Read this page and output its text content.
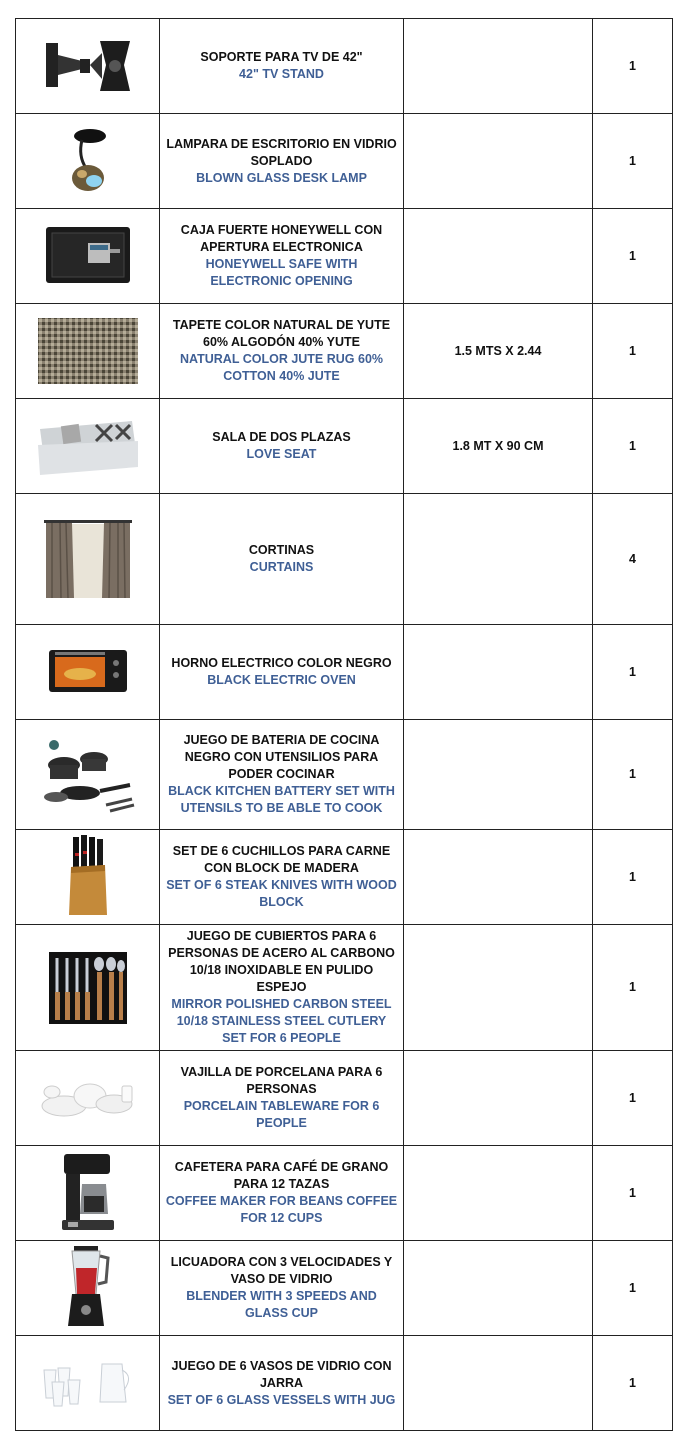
SOPORTE PARA TV DE 42"
42" TV STAND		1

LAMPARA DE ESCRITORIO EN VIDRIO SOPLADO
BLOWN GLASS DESK LAMP		1

CAJA FUERTE HONEYWELL CON APERTURA ELECTRONICA
HONEYWELL SAFE WITH ELECTRONIC OPENING		1

TAPETE COLOR NATURAL DE YUTE 60% ALGODÓN 40% YUTE
NATURAL COLOR JUTE RUG 60% COTTON 40% JUTE	1.5 MTS X 2.44	1

SALA DE DOS PLAZAS
LOVE SEAT	1.8 MT X 90 CM	1

CORTINAS
CURTAINS		4

HORNO ELECTRICO COLOR NEGRO
BLACK ELECTRIC OVEN		1

JUEGO DE BATERIA DE COCINA NEGRO CON UTENSILIOS PARA PODER COCINAR
BLACK KITCHEN BATTERY SET WITH UTENSILS TO BE ABLE TO COOK		1

SET DE 6 CUCHILLOS PARA CARNE CON BLOCK DE MADERA
SET OF 6 STEAK KNIVES WITH WOOD BLOCK		1

JUEGO DE CUBIERTOS PARA 6 PERSONAS DE ACERO AL CARBONO 10/18 INOXIDABLE EN PULIDO ESPEJO
MIRROR POLISHED CARBON STEEL 10/18 STAINLESS STEEL CUTLERY SET FOR 6 PEOPLE		1

VAJILLA DE PORCELANA PARA 6 PERSONAS
PORCELAIN TABLEWARE FOR 6 PEOPLE		1

CAFETERA PARA CAFÉ DE GRANO PARA 12 TAZAS
COFFEE MAKER FOR BEANS COFFEE FOR 12 CUPS		1

LICUADORA CON 3 VELOCIDADES Y VASO DE VIDRIO
BLENDER WITH 3 SPEEDS AND GLASS CUP		1

JUEGO DE 6 VASOS DE VIDRIO CON JARRA
SET OF 6 GLASS VESSELS WITH JUG		1
